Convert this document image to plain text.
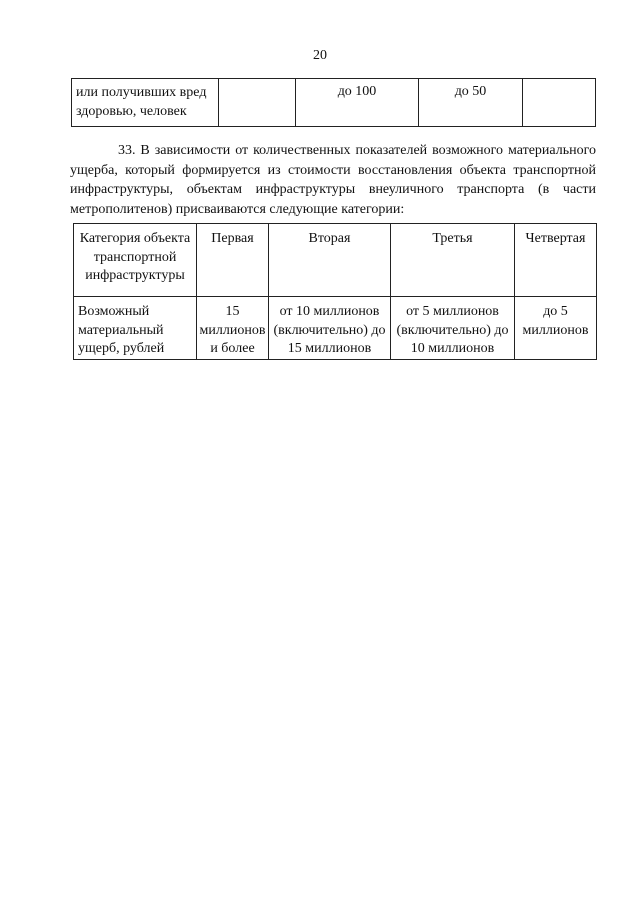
20
или получивших вред здоровью, человек		до 100	до 50	

33. В зависимости от количественных показателей возможного материального ущерба, который формируется из стоимости восстановления объекта транспортной инфраструктуры, объектам инфраструктуры внеуличного транспорта (в части метрополитенов) присваиваются следующие категории:

Категория объекта транспортной инфраструктуры	Первая	Вторая	Третья	Четвертая
Возможный материальный ущерб, рублей	15 миллионов и более	от 10 миллионов (включительно) до 15 миллионов	от 5 миллионов (включительно) до 10 миллионов	до 5 миллионов
